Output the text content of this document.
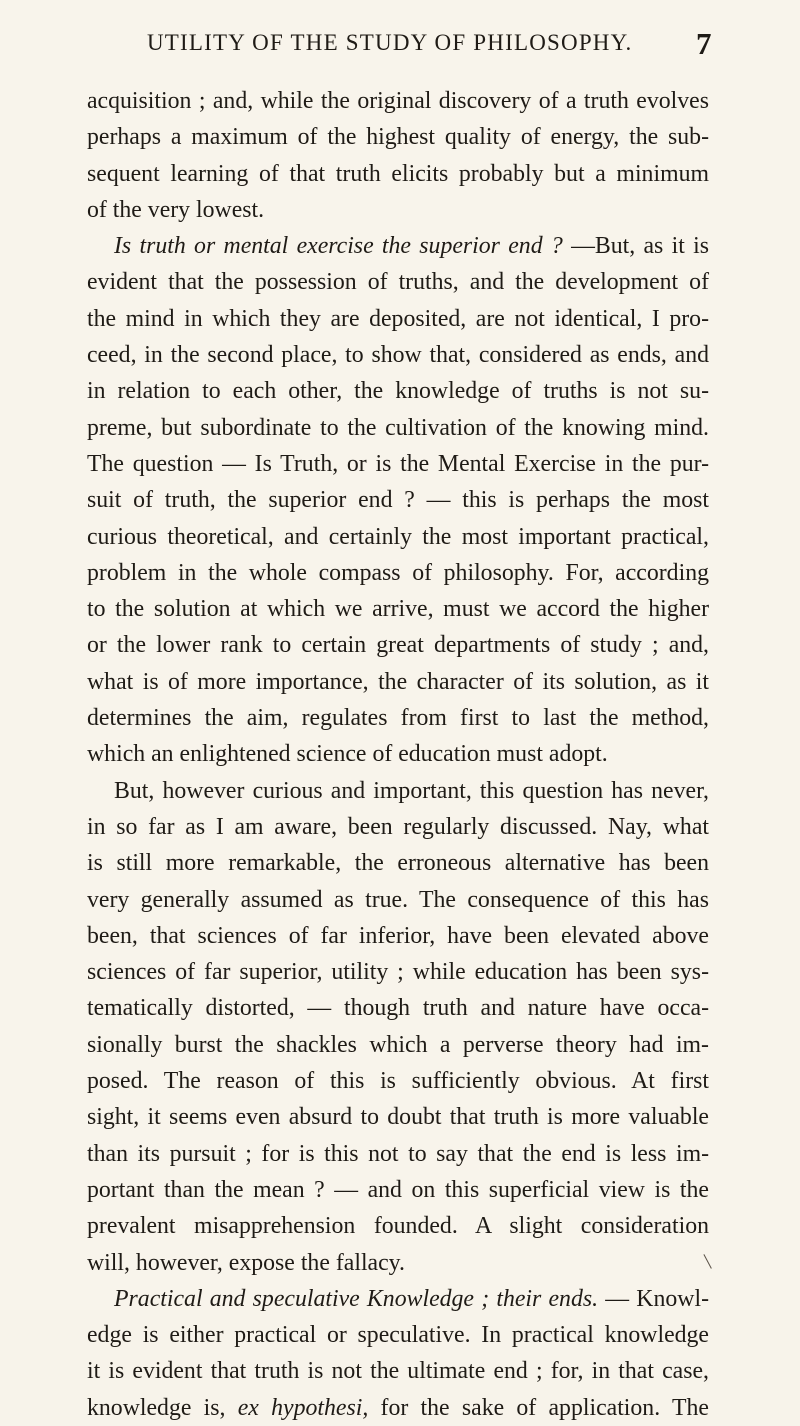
UTILITY OF THE STUDY OF PHILOSOPHY. 7
acquisition ; and, while the original discovery of a truth evolves
perhaps a maximum of the highest quality of energy, the sub-
sequent learning of that truth elicits probably but a minimum
of the very lowest.
Is truth or mental exercise the superior end ? —But, as it is
evident that the possession of truths, and the development of
the mind in which they are deposited, are not identical, I pro-
ceed, in the second place, to show that, considered as ends, and
in relation to each other, the knowledge of truths is not su-
preme, but subordinate to the cultivation of the knowing mind.
The question — Is Truth, or is the Mental Exercise in the pur-
suit of truth, the superior end ? — this is perhaps the most
curious theoretical, and certainly the most important practical,
problem in the whole compass of philosophy. For, according
to the solution at which we arrive, must we accord the higher
or the lower rank to certain great departments of study ; and,
what is of more importance, the character of its solution, as it
determines the aim, regulates from first to last the method,
which an enlightened science of education must adopt.
But, however curious and important, this question has never,
in so far as I am aware, been regularly discussed. Nay, what
is still more remarkable, the erroneous alternative has been
very generally assumed as true. The consequence of this has
been, that sciences of far inferior, have been elevated above
sciences of far superior, utility ; while education has been sys-
tematically distorted, — though truth and nature have occa-
sionally burst the shackles which a perverse theory had im-
posed. The reason of this is sufficiently obvious. At first
sight, it seems even absurd to doubt that truth is more valuable
than its pursuit ; for is this not to say that the end is less im-
portant than the mean ? — and on this superficial view is the
prevalent misapprehension founded. A slight consideration
will, however, expose the fallacy.
Practical and speculative Knowledge ; their ends. — Knowl-
edge is either practical or speculative. In practical knowledge
it is evident that truth is not the ultimate end ; for, in that case,
knowledge is, ex hypothesi, for the sake of application. The
